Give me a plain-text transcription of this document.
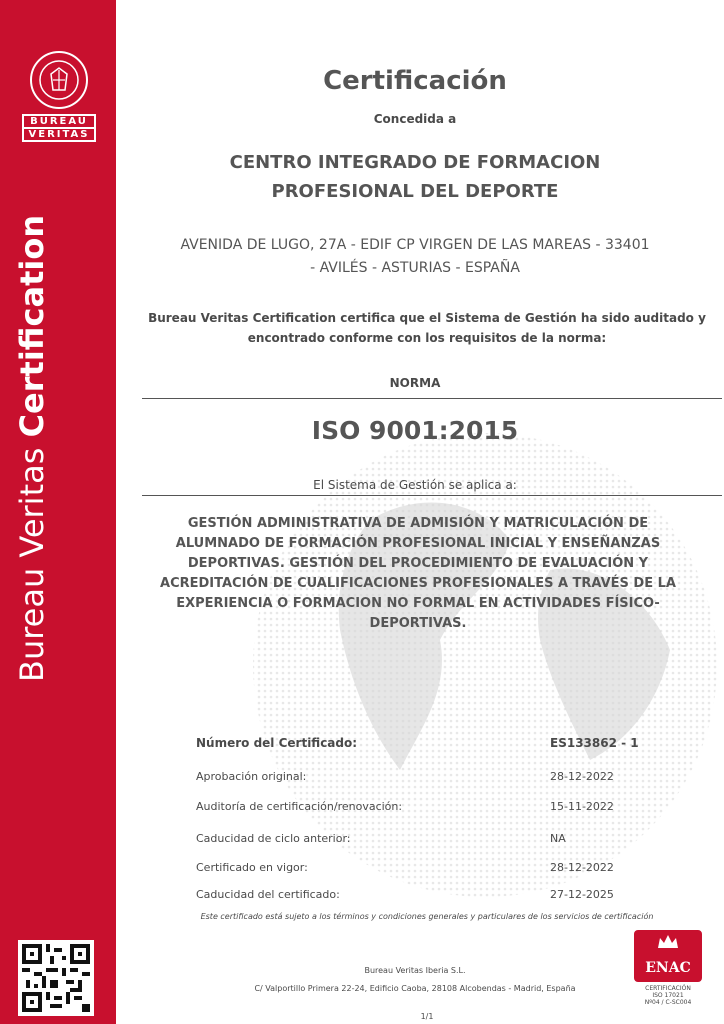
BUREAU
VERITAS
Bureau Veritas Certification
Certificación
Concedida a
CENTRO INTEGRADO DE FORMACION
PROFESIONAL DEL DEPORTE
AVENIDA DE LUGO, 27A - EDIF CP VIRGEN DE LAS MAREAS - 33401
- AVILÉS - ASTURIAS - ESPAÑA
Bureau Veritas Certification certifica que el Sistema de Gestión ha sido auditado y
encontrado conforme con los requisitos de la norma:
NORMA
ISO 9001:2015
El Sistema de Gestión se aplica a:
GESTIÓN ADMINISTRATIVA DE ADMISIÓN Y MATRICULACIÓN DE
ALUMNADO DE FORMACIÓN PROFESIONAL INICIAL Y ENSEÑANZAS
DEPORTIVAS. GESTIÓN DEL PROCEDIMIENTO DE EVALUACIÓN Y
ACREDITACIÓN DE CUALIFICACIONES PROFESIONALES A TRAVÉS DE LA
EXPERIENCIA O FORMACION NO FORMAL EN ACTIVIDADES FÍSICO-
DEPORTIVAS.
Número del Certificado:	ES133862 - 1
Aprobación original:	28-12-2022
Auditoría de certificación/renovación:	15-11-2022
Caducidad de ciclo anterior:	NA
Certificado en vigor:	28-12-2022
Caducidad del certificado:	27-12-2025
Este certificado está sujeto a los términos y condiciones generales y particulares de los servicios de certificación
Bureau Veritas Iberia S.L.
C/ Valportillo Primera 22-24, Edificio Caoba, 28108 Alcobendas - Madrid, España
1/1
ENAC
CERTIFICACIÓN
ISO 17021
Nº04 / C-SC004
